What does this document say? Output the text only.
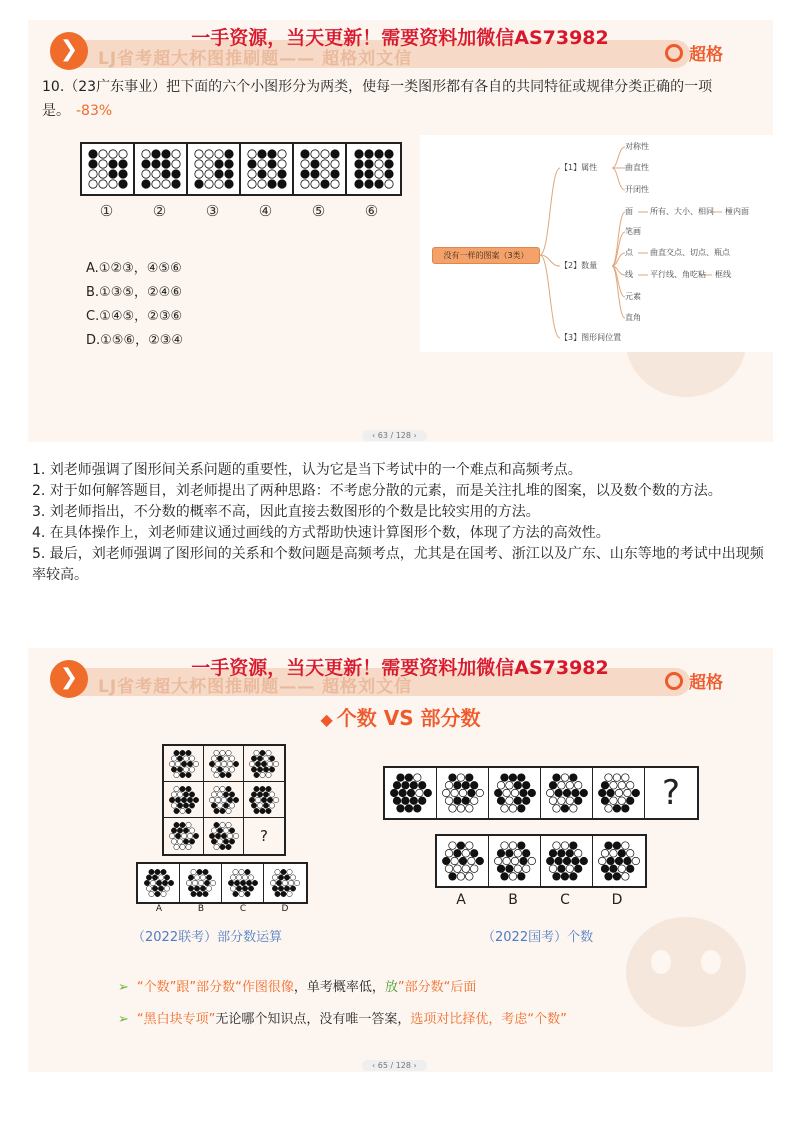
LJ省考超大杯图推刷题—— 超格刘文信
❯	超格
10.（23广东事业）把下面的六个小图形分为两类，使每一类图形都有各自的共同特征或规律分类正确的一项是。 -83%
①	②	③	④	⑤	⑥
A.①②③，④⑤⑥
B.①③⑤，②④⑥
C.①④⑤，②③⑥
D.①⑤⑥，②③④
没有一样的图案（3类）
【1】属性
对称性
曲直性
开闭性
【2】数量
面 所有、大小、相同 極内面
笔画
点 曲直交点、切点、瓶点
线 平行线、角吃粘 框线
元素
直角
【3】图形间位置
一手资源，当天更新！需要资料加微信AS73982
‹ 63 / 128 ›
1. 刘老师强调了图形间关系问题的重要性，认为它是当下考试中的一个难点和高频考点。
2. 对于如何解答题目，刘老师提出了两种思路：不考虑分散的元素，而是关注扎堆的图案，以及数个数的方法。
3. 刘老师指出，不分数的概率不高，因此直接去数图形的个数是比较实用的方法。
4. 在具体操作上，刘老师建议通过画线的方式帮助快速计算图形个数，体现了方法的高效性。
5. 最后，刘老师强调了图形间的关系和个数问题是高频考点，尤其是在国考、浙江以及广东、山东等地的考试中出现频率较高。
LJ省考超大杯图推刷题—— 超格刘文信
❯	超格
◆ 个数 VS 部分数
?
A	B	C	D
?
A	B	C	D
（2022联考）部分数运算	（2022国考）个数
➢ “个数”跟”部分数“作图很像，单考概率低，放”部分数“后面
➢ “黑白块专项”无论哪个知识点，没有唯一答案，选项对比择优，考虑“个数”
一手资源，当天更新！需要资料加微信AS73982
‹ 65 / 128 ›
